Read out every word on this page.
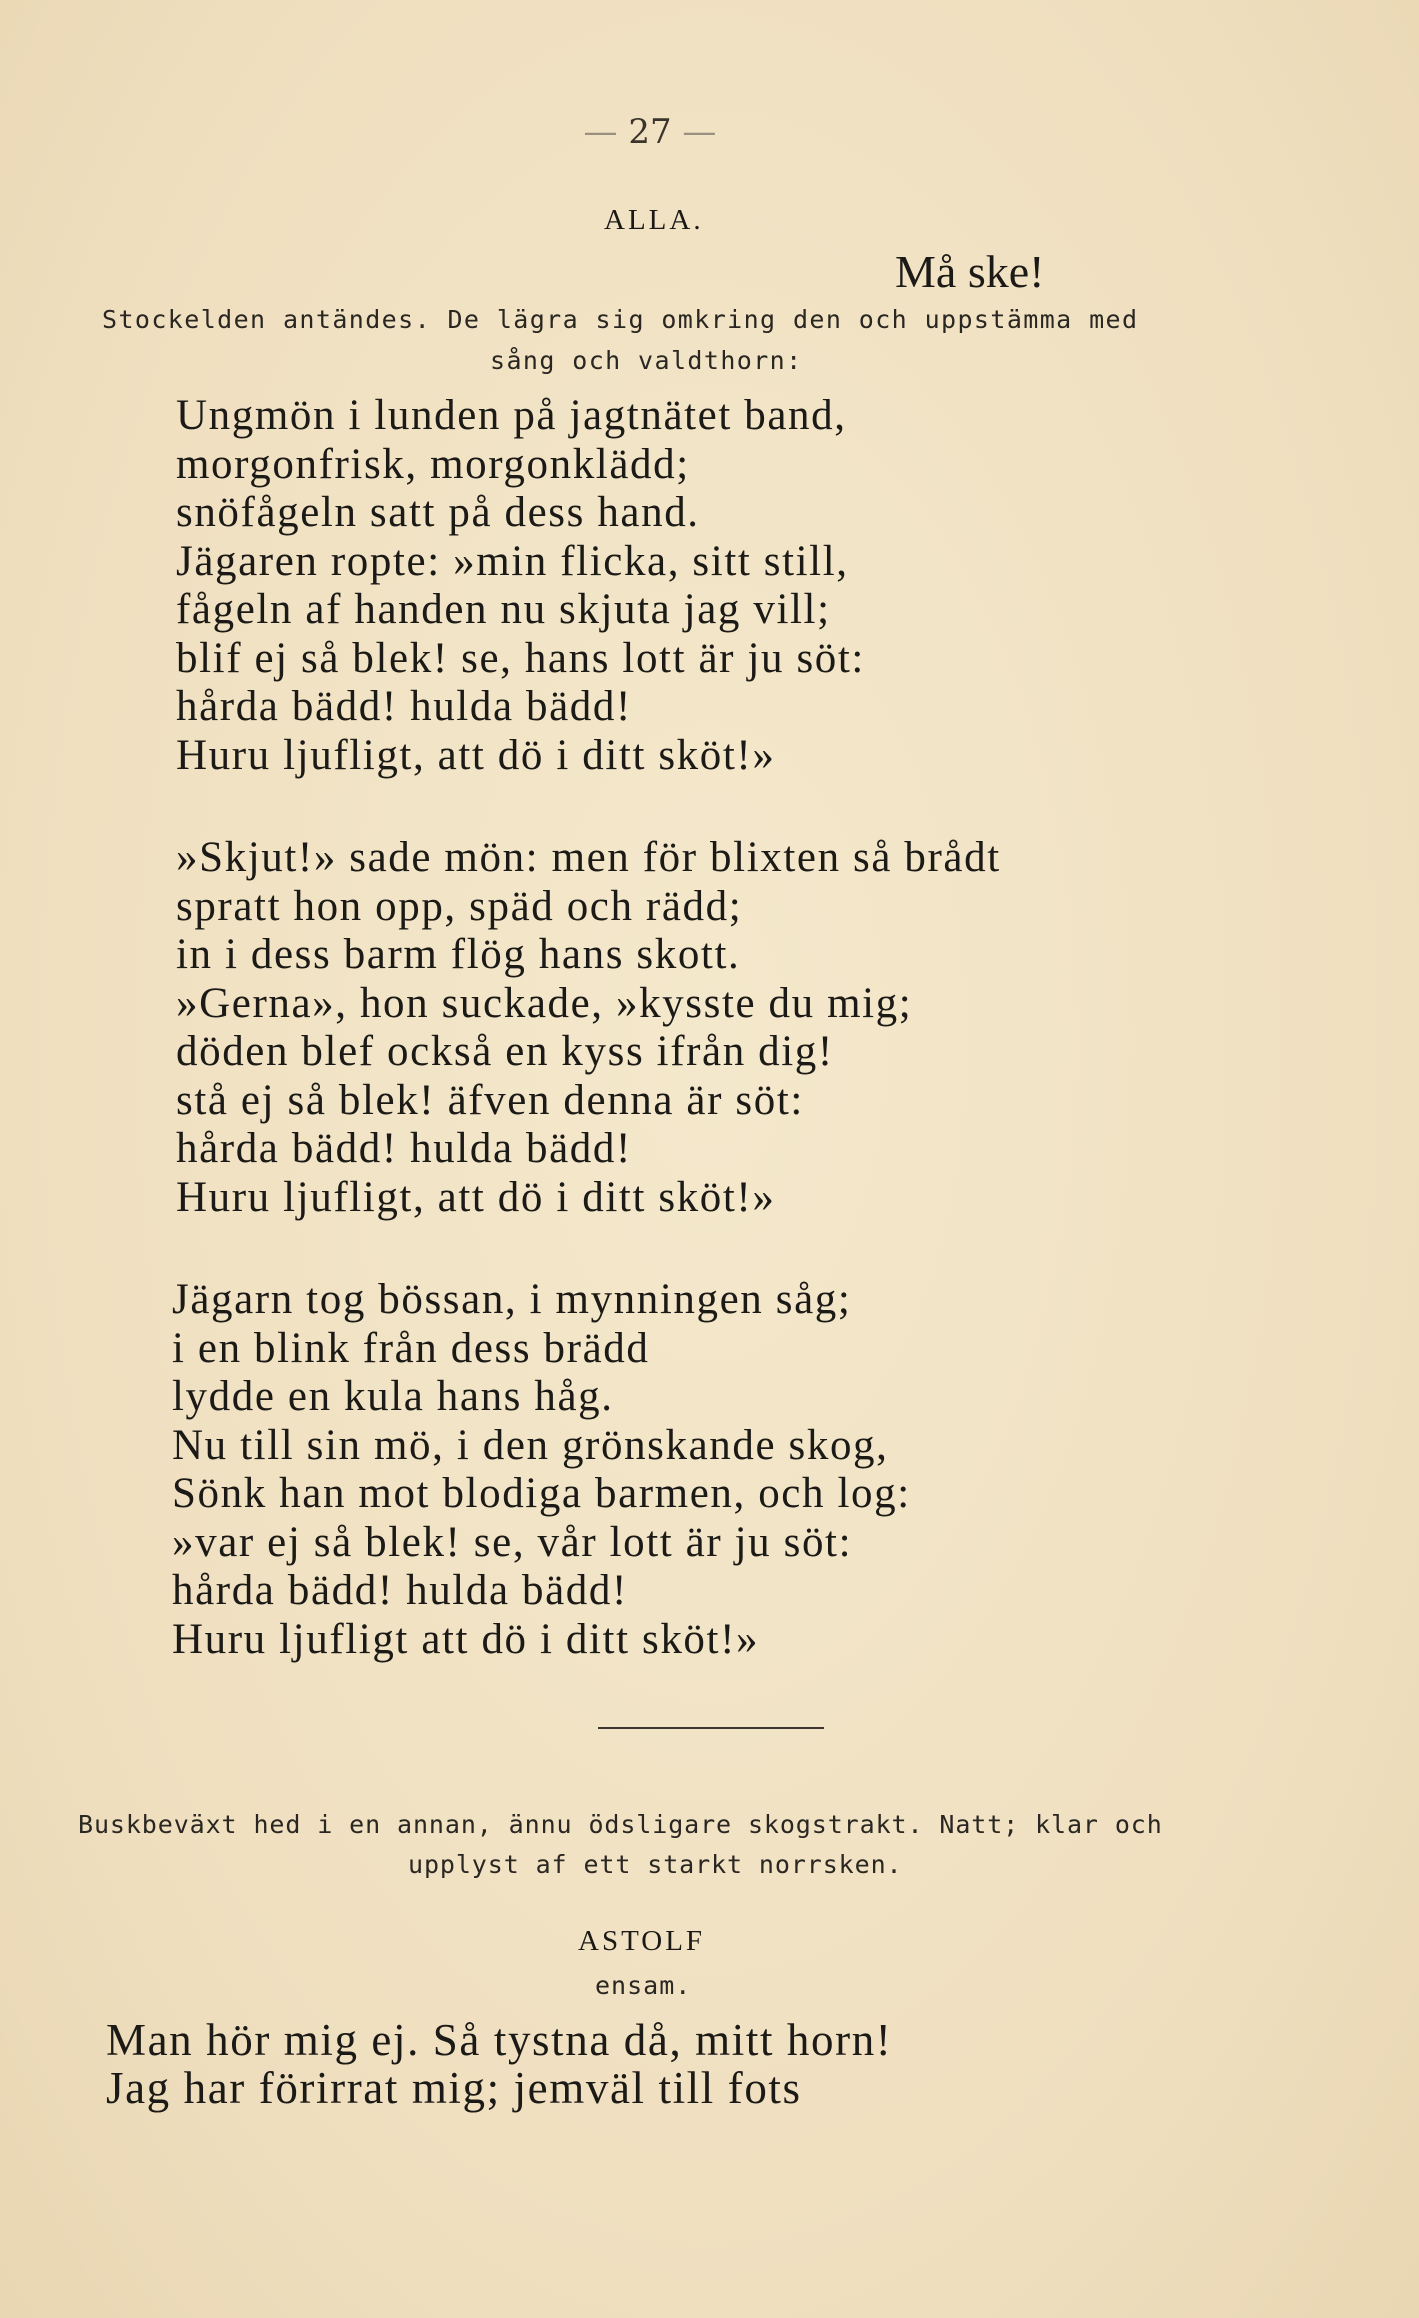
— 27 —
ALLA.
Må ske!
Stockelden antändes. De lägra sig omkring den och uppstämma med
sång och valdthorn:
Ungmön i lunden på jagtnätet band,
morgonfrisk, morgonklädd;
snöfågeln satt på dess hand.
Jägaren ropte: »min flicka, sitt still,
fågeln af handen nu skjuta jag vill;
blif ej så blek! se, hans lott är ju söt:
hårda bädd! hulda bädd!
Huru ljufligt, att dö i ditt sköt!»
»Skjut!» sade mön: men för blixten så brådt
spratt hon opp, späd och rädd;
in i dess barm flög hans skott.
»Gerna», hon suckade, »kysste du mig;
döden blef också en kyss ifrån dig!
stå ej så blek! äfven denna är söt:
hårda bädd! hulda bädd!
Huru ljufligt, att dö i ditt sköt!»
Jägarn tog bössan, i mynningen såg;
i en blink från dess brädd
lydde en kula hans håg.
Nu till sin mö, i den grönskande skog,
Sönk han mot blodiga barmen, och log:
»var ej så blek! se, vår lott är ju söt:
hårda bädd! hulda bädd!
Huru ljufligt att dö i ditt sköt!»
Buskbeväxt hed i en annan, ännu ödsligare skogstrakt. Natt; klar och
upplyst af ett starkt norrsken.
ASTOLF
ensam.
Man hör mig ej. Så tystna då, mitt horn!
Jag har förirrat mig; jemväl till fots
